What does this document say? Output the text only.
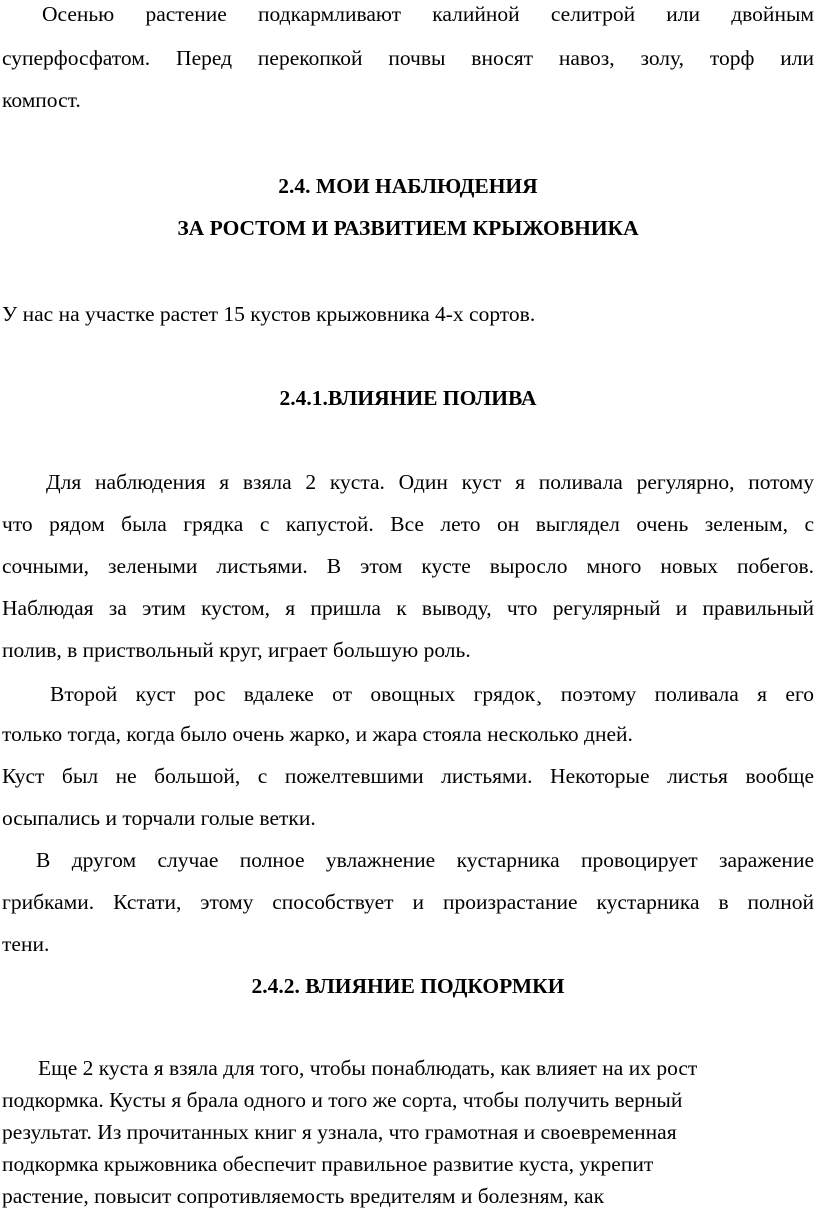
Осенью растение подкармливают калийной селитрой или двойным
суперфосфатом. Перед перекопкой почвы вносят навоз, золу, торф или
компост.
2.4. МОИ НАБЛЮДЕНИЯ
ЗА РОСТОМ И РАЗВИТИЕМ КРЫЖОВНИКА
У нас на участке растет 15 кустов крыжовника 4-х сортов.
2.4.1.ВЛИЯНИЕ ПОЛИВА
Для наблюдения я взяла 2 куста. Один куст я поливала регулярно, потому
что рядом была грядка с капустой. Все лето он выглядел очень зеленым, с
сочными, зелеными листьями. В этом кусте выросло много новых побегов.
Наблюдая за этим кустом, я пришла к выводу, что регулярный и правильный
полив, в приствольный круг, играет большую роль.
Второй куст рос вдалеке от овощных грядок¸ поэтому поливала я его
только тогда, когда было очень жарко, и жара стояла несколько дней.
Куст был не большой, с пожелтевшими листьями. Некоторые листья вообще
осыпались и торчали голые ветки.
В другом случае полное увлажнение кустарника провоцирует заражение
грибками. Кстати, этому способствует и произрастание кустарника в полной
тени.
2.4.2. ВЛИЯНИЕ ПОДКОРМКИ
Еще 2 куста я взяла для того, чтобы понаблюдать, как влияет на их рост
подкормка. Кусты я брала одного и того же сорта, чтобы получить верный
результат. Из прочитанных книг я узнала, что грамотная и своевременная
подкормка крыжовника обеспечит правильное развитие куста, укрепит
растение, повысит сопротивляемость вредителям и болезням, как
